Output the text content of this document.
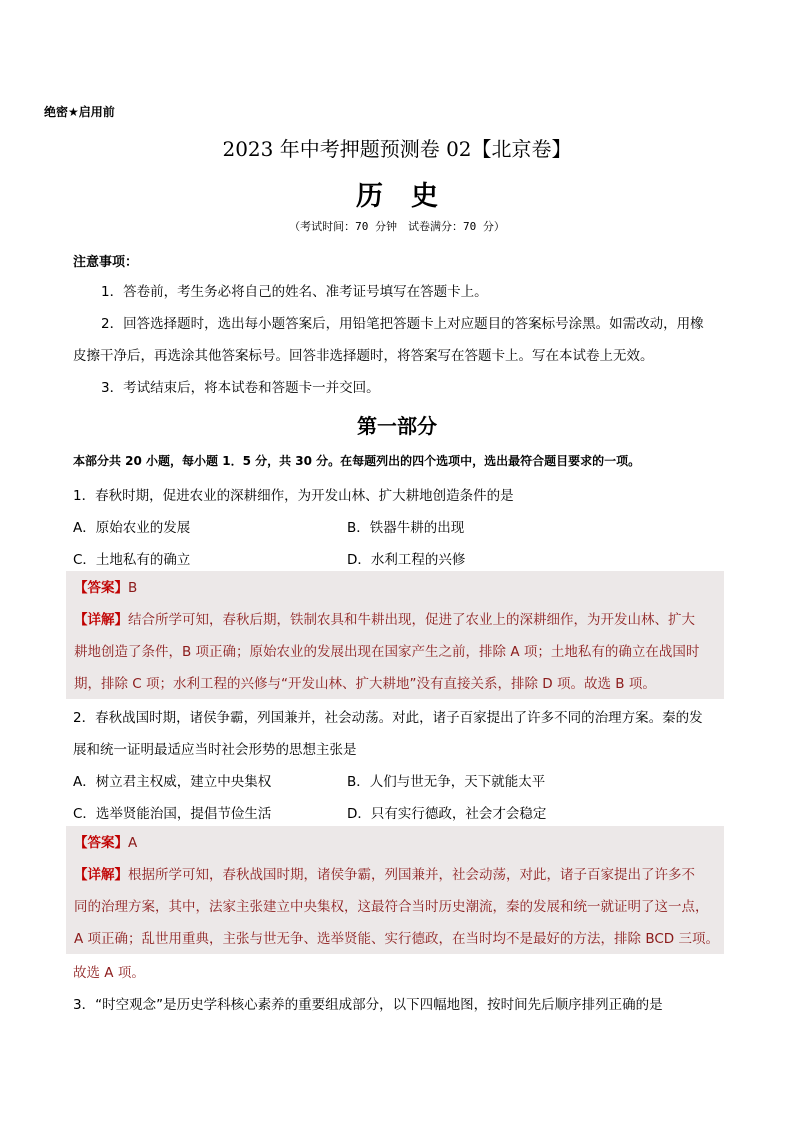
绝密★启用前
2023 年中考押题预测卷 02【北京卷】
历史
（考试时间：70 分钟　试卷满分：70 分）
注意事项：
1．答卷前，考生务必将自己的姓名、准考证号填写在答题卡上。
2．回答选择题时，选出每小题答案后，用铅笔把答题卡上对应题目的答案标号涂黑。如需改动，用橡
皮擦干净后，再选涂其他答案标号。回答非选择题时，将答案写在答题卡上。写在本试卷上无效。
3．考试结束后，将本试卷和答题卡一并交回。
第一部分
本部分共 20 小题，每小题 1．5 分，共 30 分。在每题列出的四个选项中，选出最符合题目要求的一项。
1．春秋时期，促进农业的深耕细作，为开发山林、扩大耕地创造条件的是
A．原始农业的发展	B．铁器牛耕的出现
C．土地私有的确立	D．水利工程的兴修
【答案】B
【详解】结合所学可知，春秋后期，铁制农具和牛耕出现，促进了农业上的深耕细作，为开发山林、扩大
耕地创造了条件，B 项正确；原始农业的发展出现在国家产生之前，排除 A 项；土地私有的确立在战国时
期，排除 C 项；水利工程的兴修与“开发山林、扩大耕地”没有直接关系，排除 D 项。故选 B 项。
2．春秋战国时期，诸侯争霸，列国兼并，社会动荡。对此，诸子百家提出了许多不同的治理方案。秦的发
展和统一证明最适应当时社会形势的思想主张是
A．树立君主权威，建立中央集权	B．人们与世无争，天下就能太平
C．选举贤能治国，提倡节俭生活	D．只有实行德政，社会才会稳定
【答案】A
【详解】根据所学可知，春秋战国时期，诸侯争霸，列国兼并，社会动荡，对此，诸子百家提出了许多不
同的治理方案，其中，法家主张建立中央集权，这最符合当时历史潮流，秦的发展和统一就证明了这一点，
A 项正确；乱世用重典，主张与世无争、选举贤能、实行德政，在当时均不是最好的方法，排除 BCD 三项。
故选 A 项。
3．“时空观念”是历史学科核心素养的重要组成部分，以下四幅地图，按时间先后顺序排列正确的是
